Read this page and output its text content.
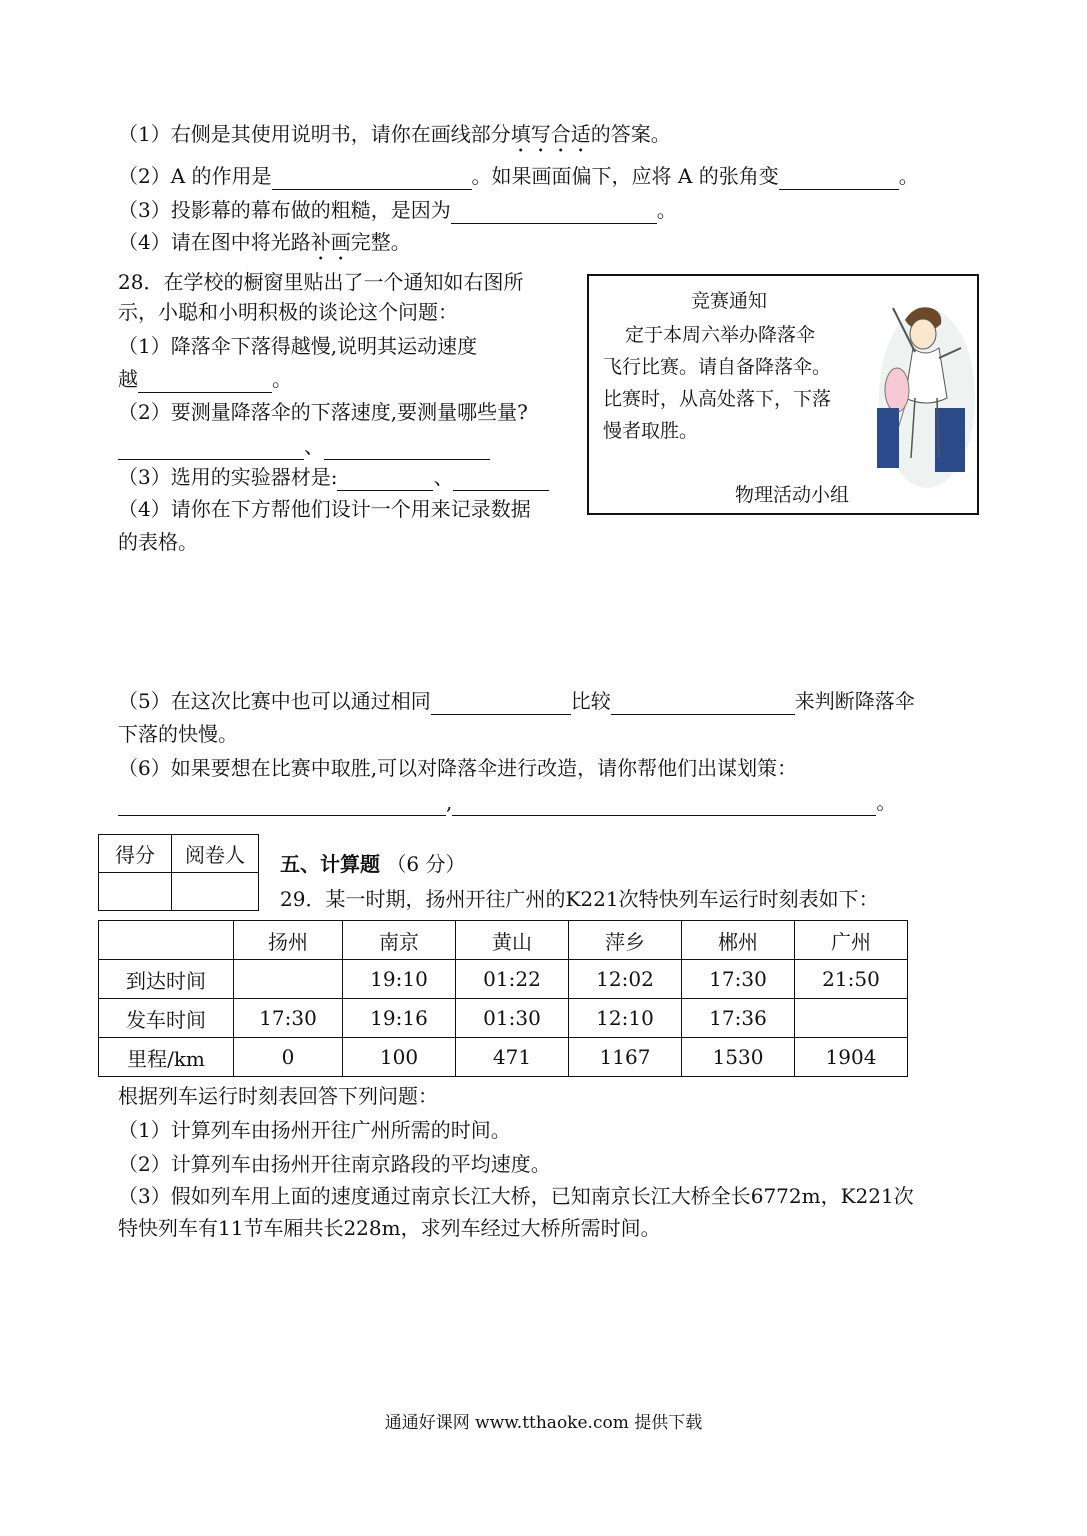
（1）右侧是其使用说明书，请你在画线部分填写合适的答案。
（2）A 的作用是	。如果画面偏下，应将 A 的张角变	。
（3）投影幕的幕布做的粗糙，是因为	。
（4）请在图中将光路补画完整。
28．在学校的橱窗里贴出了一个通知如右图所
示，小聪和小明积极的谈论这个问题：
（1）降落伞下落得越慢,说明其运动速度
越	。
（2）要测量降落伞的下落速度,要测量哪些量?
、
（3）选用的实验器材是:	、
（4）请你在下方帮他们设计一个用来记录数据
的表格。
竞赛通知
定于本周六举办降落伞
飞行比赛。请自备降落伞。
比赛时，从高处落下，下落
慢者取胜。
物理活动小组
（5）在这次比赛中也可以通过相同	比较	来判断降落伞
下落的快慢。
（6）如果要想在比赛中取胜,可以对降落伞进行改造，请你帮他们出谋划策：
,	。
得分	阅卷人
	五、计算题 （6 分）
29．某一时期，扬州开往广州的K221次特快列车运行时刻表如下：
	扬州	南京	黄山	萍乡	郴州	广州
到达时间		19:10	01:22	12:02	17:30	21:50
发车时间	17:30	19:16	01:30	12:10	17:36	
里程/km	0	100	471	1167	1530	1904
根据列车运行时刻表回答下列问题：
（1）计算列车由扬州开往广州所需的时间。
（2）计算列车由扬州开往南京路段的平均速度。
（3）假如列车用上面的速度通过南京长江大桥，已知南京长江大桥全长6772m，K221次
特快列车有11节车厢共长228m，求列车经过大桥所需时间。
通通好课网 www.tthaoke.com 提供下载
